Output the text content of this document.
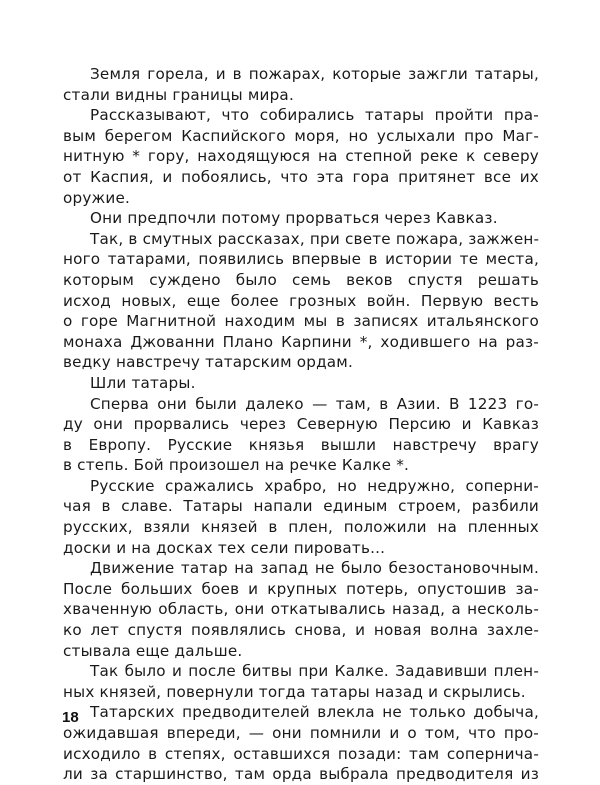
Земля горела, и в пожарах, которые зажгли татары,
стали видны границы мира.
Рассказывают, что собирались татары пройти пра-
вым берегом Каспийского моря, но услыхали про Маг-
нитную * гору, находящуюся на степной реке к северу
от Каспия, и побоялись, что эта гора притянет все их
оружие.
Они предпочли потому прорваться через Кавказ.
Так, в смутных рассказах, при свете пожара, зажжен-
ного татарами, появились впервые в истории те места,
которым суждено было семь веков спустя решать
исход новых, еще более грозных войн. Первую весть
о горе Магнитной находим мы в записях итальянского
монаха Джованни Плано Карпини *, ходившего на раз-
ведку навстречу татарским ордам.
Шли татары.
Сперва они были далеко — там, в Азии. В 1223 го-
ду они прорвались через Северную Персию и Кавказ
в Европу. Русские князья вышли навстречу врагу
в степь. Бой произошел на речке Калке *.
Русские сражались храбро, но недружно, соперни-
чая в славе. Татары напали единым строем, разбили
русских, взяли князей в плен, положили на пленных
доски и на досках тех сели пировать...
Движение татар на запад не было безостановочным.
После больших боев и крупных потерь, опустошив за-
хваченную область, они откатывались назад, а несколь-
ко лет спустя появлялись снова, и новая волна захле-
стывала еще дальше.
Так было и после битвы при Калке. Задавивши плен-
ных князей, повернули тогда татары назад и скрылись.
Татарских предводителей влекла не только добыча,
ожидавшая впереди, — они помнили и о том, что про-
исходило в степях, оставшихся позади: там сопернича-
ли за старшинство, там орда выбрала предводителя из
18
